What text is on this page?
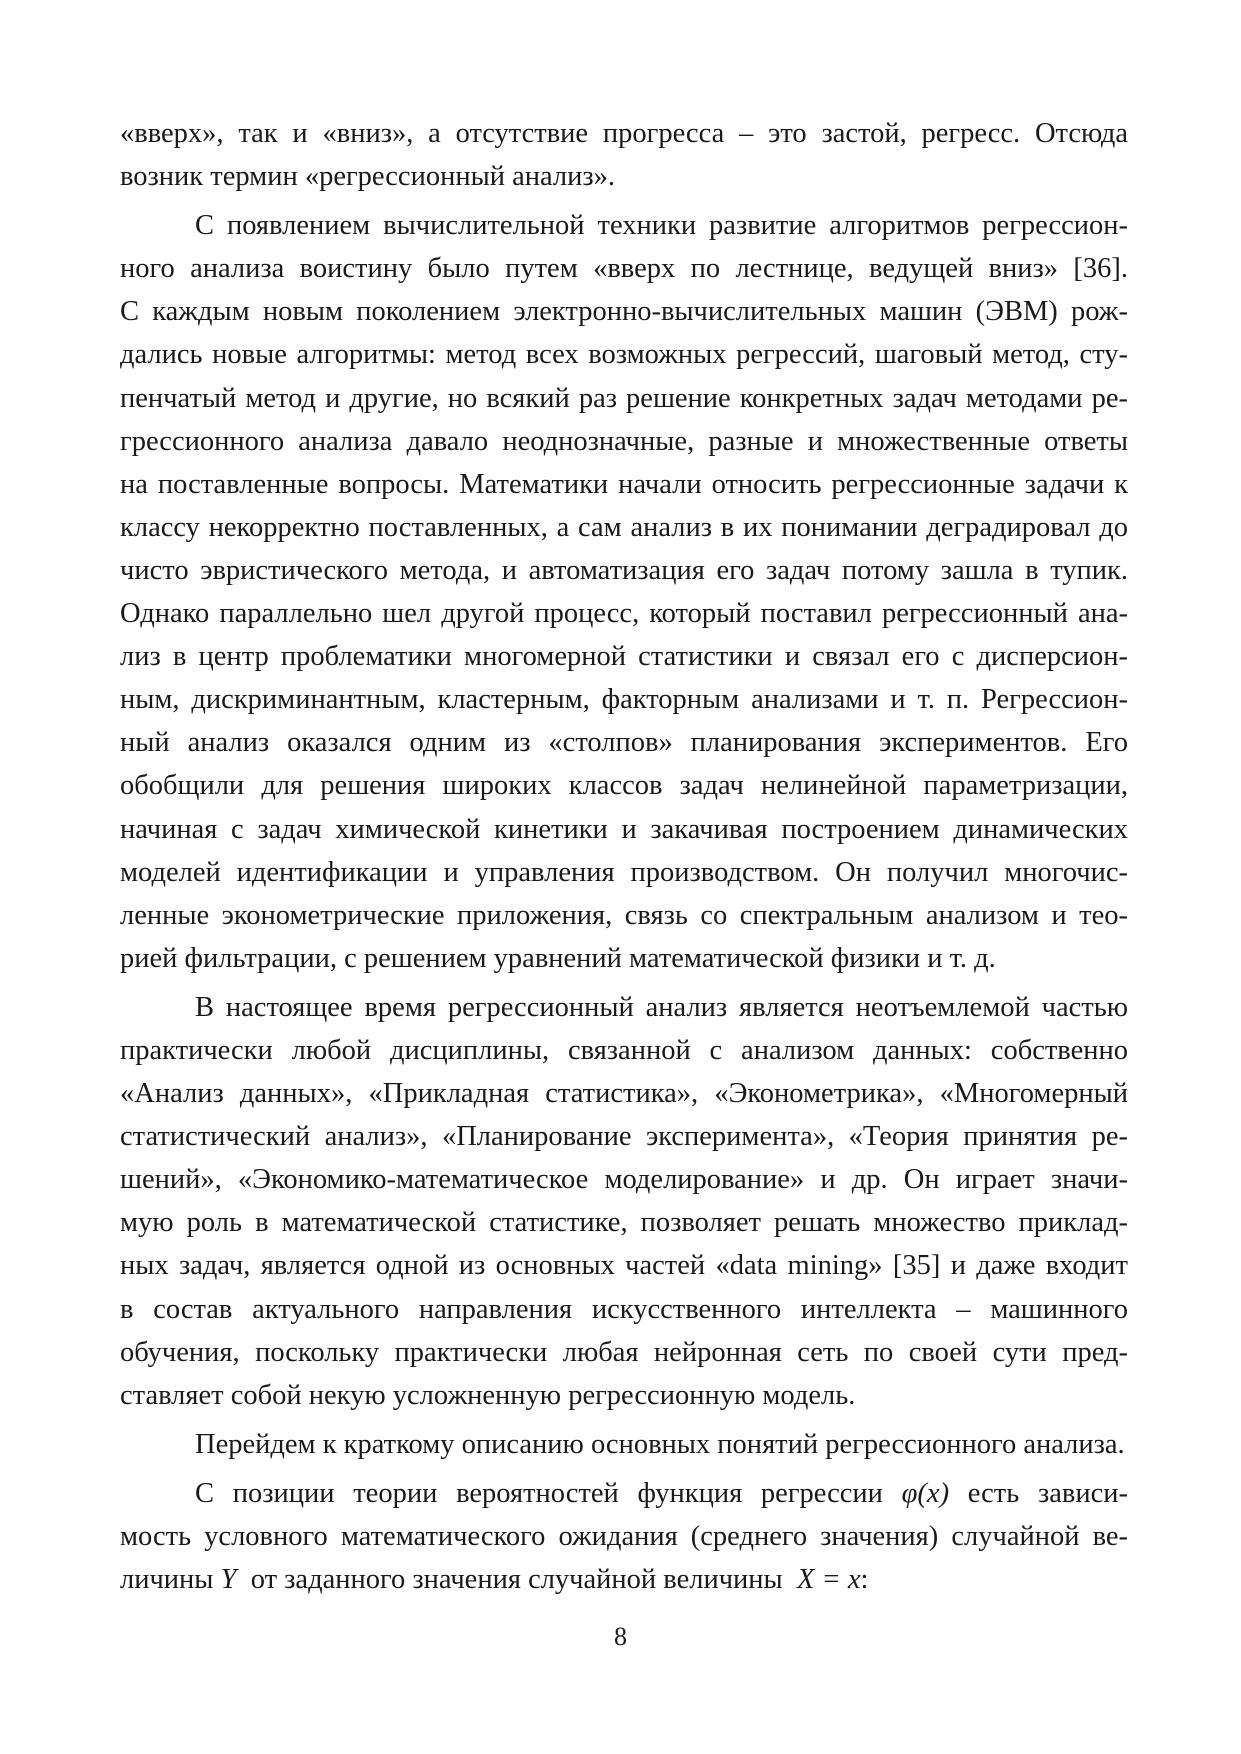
«вверх», так и «вниз», а отсутствие прогресса – это застой, регресс. Отсюда
возник термин «регрессионный анализ».
С появлением вычислительной техники развитие алгоритмов регрессион-
ного анализа воистину было путем «вверх по лестнице, ведущей вниз» [36].
С каждым новым поколением электронно-вычислительных машин (ЭВМ) рож-
дались новые алгоритмы: метод всех возможных регрессий, шаговый метод, сту-
пенчатый метод и другие, но всякий раз решение конкретных задач методами ре-
грессионного анализа давало неоднозначные, разные и множественные ответы
на поставленные вопросы. Математики начали относить регрессионные задачи к
классу некорректно поставленных, а сам анализ в их понимании деградировал до
чисто эвристического метода, и автоматизация его задач потому зашла в тупик.
Однако параллельно шел другой процесс, который поставил регрессионный ана-
лиз в центр проблематики многомерной статистики и связал его с дисперсион-
ным, дискриминантным, кластерным, факторным анализами и т. п. Регрессион-
ный анализ оказался одним из «столпов» планирования экспериментов. Его
обобщили для решения широких классов задач нелинейной параметризации,
начиная с задач химической кинетики и закачивая построением динамических
моделей идентификации и управления производством. Он получил многочис-
ленные эконометрические приложения, связь со спектральным анализом и тео-
рией фильтрации, с решением уравнений математической физики и т. д.
В настоящее время регрессионный анализ является неотъемлемой частью
практически любой дисциплины, связанной с анализом данных: собственно
«Анализ данных», «Прикладная статистика», «Эконометрика», «Многомерный
статистический анализ», «Планирование эксперимента», «Теория принятия ре-
шений», «Экономико-математическое моделирование» и др. Он играет значи-
мую роль в математической статистике, позволяет решать множество приклад-
ных задач, является одной из основных частей «data mining» [35] и даже входит
в состав актуального направления искусственного интеллекта – машинного
обучения, поскольку практически любая нейронная сеть по своей сути пред-
ставляет собой некую усложненную регрессионную модель.
Перейдем к краткому описанию основных понятий регрессионного анализа.
С позиции теории вероятностей функция регрессии φ(x) есть зависи-
мость условного математического ожидания (среднего значения) случайной ве-
личины Y от заданного значения случайной величины X = x:
8
